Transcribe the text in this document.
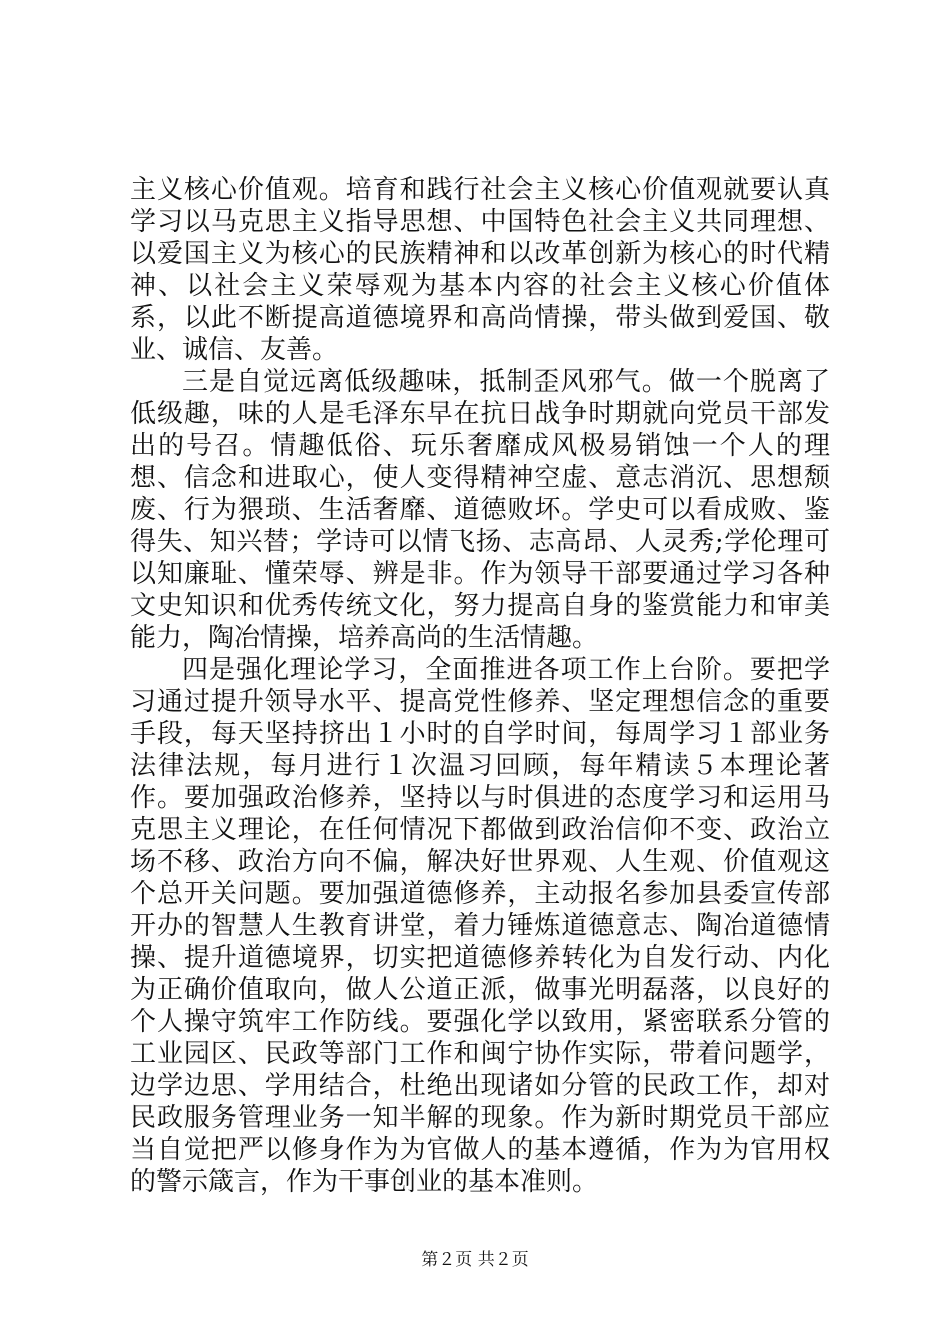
主义核心价值观。培育和践行社会主义核心价值观就要认真学习以马克思主义指导思想、中国特色社会主义共同理想、以爱国主义为核心的民族精神和以改革创新为核心的时代精神、以社会主义荣辱观为基本内容的社会主义核心价值体系，以此不断提高道德境界和高尚情操，带头做到爱国、敬业、诚信、友善。

三是自觉远离低级趣味，抵制歪风邪气。做一个脱离了低级趣，味的人是毛泽东早在抗日战争时期就向党员干部发出的号召。情趣低俗、玩乐奢靡成风极易销蚀一个人的理想、信念和进取心，使人变得精神空虚、意志消沉、思想颓废、行为猥琐、生活奢靡、道德败坏。学史可以看成败、鉴得失、知兴替；学诗可以情飞扬、志高昂、人灵秀;学伦理可以知廉耻、懂荣辱、辨是非。作为领导干部要通过学习各种文史知识和优秀传统文化，努力提高自身的鉴赏能力和审美能力，陶冶情操，培养高尚的生活情趣。

四是强化理论学习，全面推进各项工作上台阶。要把学习通过提升领导水平、提高党性修养、坚定理想信念的重要手段，每天坚持挤出１小时的自学时间，每周学习１部业务法律法规，每月进行１次温习回顾，每年精读５本理论著作。要加强政治修养，坚持以与时俱进的态度学习和运用马克思主义理论，在任何情况下都做到政治信仰不变、政治立场不移、政治方向不偏，解决好世界观、人生观、价值观这个总开关问题。要加强道德修养，主动报名参加县委宣传部开办的智慧人生教育讲堂，着力锤炼道德意志、陶冶道德情操、提升道德境界，切实把道德修养转化为自发行动、内化为正确价值取向，做人公道正派，做事光明磊落，以良好的个人操守筑牢工作防线。要强化学以致用，紧密联系分管的工业园区、民政等部门工作和闽宁协作实际，带着问题学，边学边思、学用结合，杜绝出现诸如分管的民政工作，却对民政服务管理业务一知半解的现象。作为新时期党员干部应当自觉把严以修身作为为官做人的基本遵循，作为为官用权的警示箴言，作为干事创业的基本准则。

第２页 共２页
